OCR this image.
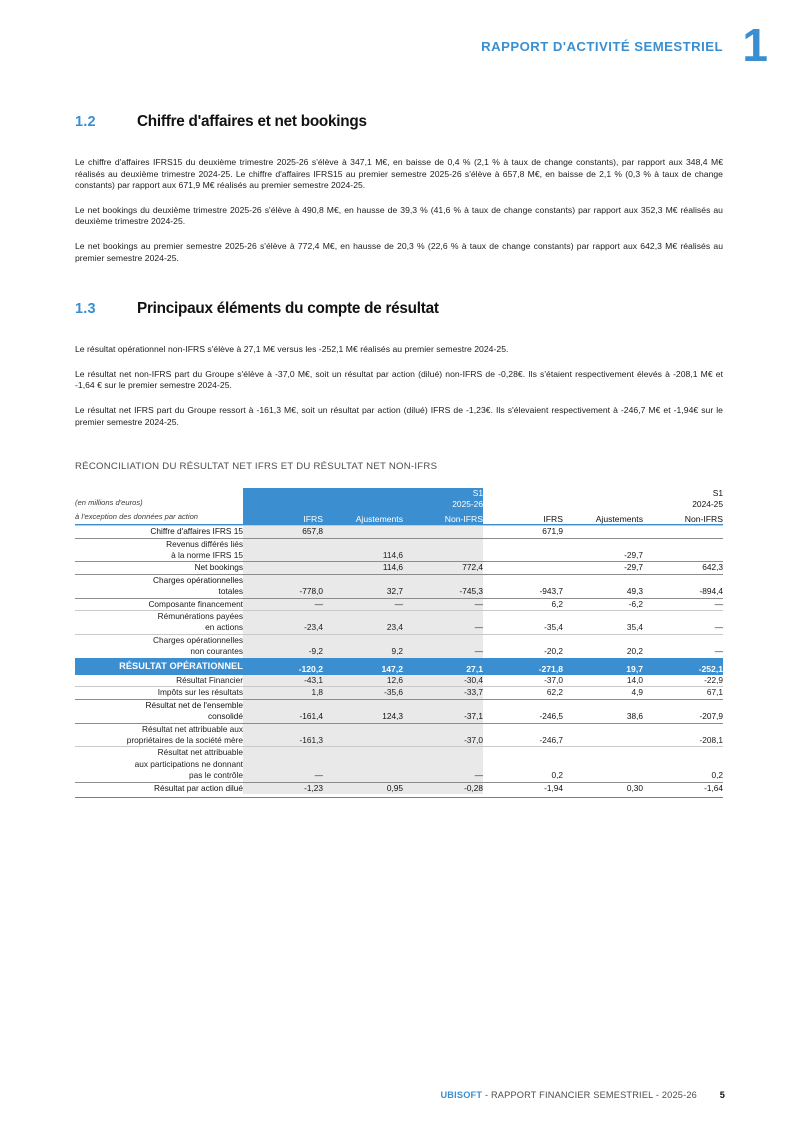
RAPPORT D'ACTIVITÉ SEMESTRIEL 1
1.2	Chiffre d'affaires et net bookings

Le chiffre d'affaires IFRS15 du deuxième trimestre 2025-26 s'élève à 347,1 M€, en baisse de 0,4 % (2,1 % à taux de change constants), par rapport aux 348,4 M€ réalisés au deuxième trimestre 2024-25. Le chiffre d'affaires IFRS15 au premier semestre 2025-26 s'élève à 657,8 M€, en baisse de 2,1 % (0,3 % à taux de change constants) par rapport aux 671,9 M€ réalisés au premier semestre 2024-25.

Le net bookings du deuxième trimestre 2025-26 s'élève à 490,8 M€, en hausse de 39,3 % (41,6 % à taux de change constants) par rapport aux 352,3 M€ réalisés au deuxième trimestre 2024-25.

Le net bookings au premier semestre 2025-26 s'élève à 772,4 M€, en hausse de 20,3 % (22,6 % à taux de change constants) par rapport aux 642,3 M€ réalisés au premier semestre 2024-25.

1.3	Principaux éléments du compte de résultat

Le résultat opérationnel non-IFRS s'élève à 27,1 M€ versus les -252,1 M€ réalisés au premier semestre 2024-25.

Le résultat net non-IFRS part du Groupe s'élève à -37,0 M€, soit un résultat par action (dilué) non-IFRS de -0,28€. Ils s'étaient respectivement élevés à -208,1 M€ et -1,64 € sur le premier semestre 2024-25.

Le résultat net IFRS part du Groupe ressort à -161,3 M€, soit un résultat par action (dilué) IFRS de -1,23€. Ils s'élevaient respectivement à -246,7 M€ et -1,94€ sur le premier semestre 2024-25.

RÉCONCILIATION DU RÉSULTAT NET IFRS ET DU RÉSULTAT NET NON-IFRS
(en millions d'euros)

S1
2025-26

S1
2024-25

à l'exception des données par action	IFRS	Ajustements	Non-IFRS	IFRS	Ajustements	Non-IFRS

Chiffre d'affaires IFRS 15	657,8			671,9		
Revenus différés liés
à la norme IFRS 15		114,6			-29,7	
Net bookings		114,6	772,4		-29,7	642,3
Charges opérationnelles
totales	-778,0	32,7	-745,3	-943,7	49,3	-894,4
Composante financement	—	—	—	6,2	-6,2	—
Rémunérations payées
en actions	-23,4	23,4	—	-35,4	35,4	—
Charges opérationnelles
non courantes	-9,2	9,2	—	-20,2	20,2	—
RÉSULTAT OPÉRATIONNEL	-120,2	147,2	27,1	-271,8	19,7	-252,1
Résultat Financier	-43,1	12,6	-30,4	-37,0	14,0	-22,9
Impôts sur les résultats	1,8	-35,6	-33,7	62,2	4,9	67,1
Résultat net de l'ensemble
consolidé	-161,4	124,3	-37,1	-246,5	38,6	-207,9
Résultat net attribuable aux
propriétaires de la société mère	-161,3		-37,0	-246,7		-208,1
Résultat net attribuable
aux participations ne donnant
pas le contrôle	—		—	0,2		0,2
Résultat par action dilué	-1,23	0,95	-0,28	-1,94	0,30	-1,64

UBISOFT - RAPPORT FINANCIER SEMESTRIEL - 2025-26 5
